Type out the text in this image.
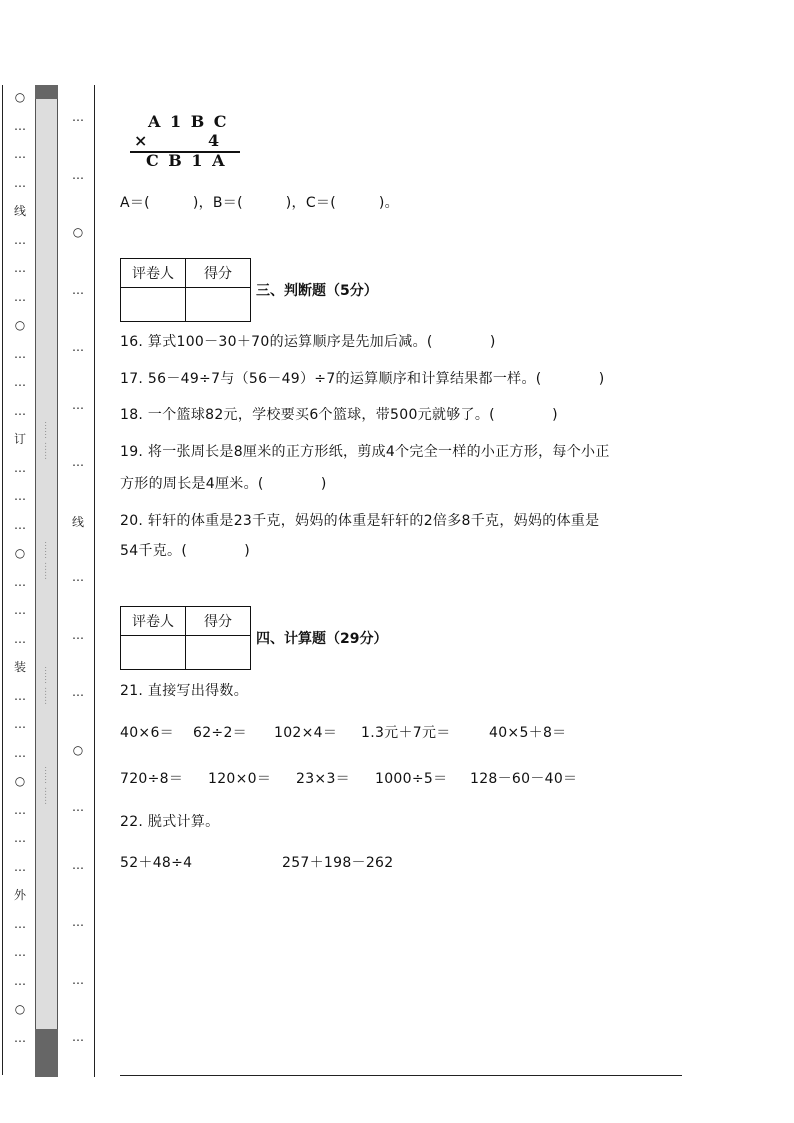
○
…
…
…
线
…
…
…
○
…
…
…
订
…
…
…
○
…
…
…
装
…
…
…
○
…
…
…
外
…
…
…
○
…
…… ……
…… ……
…… ……
…… ……
…
…
○
…
…
…
…
线
…
…
…
○
…
…
…
…
…
A 1 B C
×	4
C B 1 A
A＝(　　　)，B＝(　　　)，C＝(　　　)。
评卷人	得分

三、判断题（5分）
16. 算式100－30＋70的运算顺序是先加后减。(　　　　)
17. 56－49÷7与（56－49）÷7的运算顺序和计算结果都一样。(　　　　)
18. 一个篮球82元，学校要买6个篮球，带500元就够了。(　　　　)
19. 将一张周长是8厘米的正方形纸，剪成4个完全一样的小正方形，每个小正
方形的周长是4厘米。(　　　　)
20. 轩轩的体重是23千克，妈妈的体重是轩轩的2倍多8千克，妈妈的体重是
54千克。(　　　　)
评卷人	得分

四、计算题（29分）
21. 直接写出得数。
40×6＝ 62÷2＝ 102×4＝ 1.3元＋7元＝	40×5＋8＝
720÷8＝ 120×0＝ 23×3＝ 1000÷5＝ 128－60－40＝
22. 脱式计算。
52＋48÷4	257＋198－262
